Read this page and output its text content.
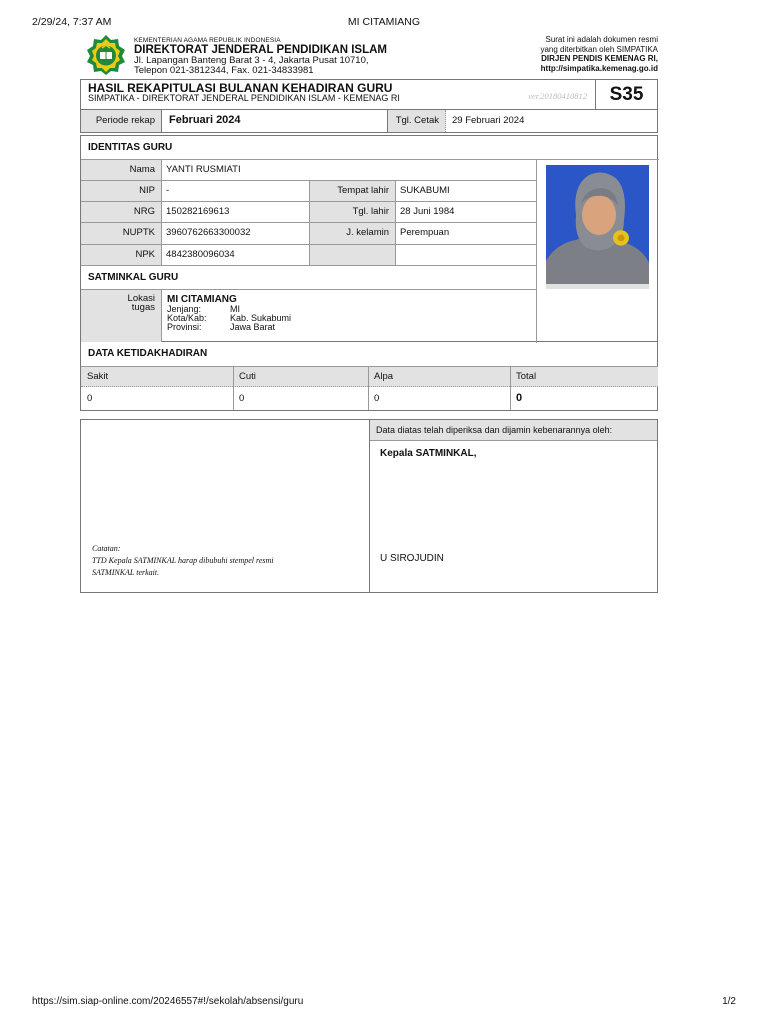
2/29/24, 7:37 AM	MI CITAMIANG
KEMENTERIAN AGAMA REPUBLIK INDONESIA
DIREKTORAT JENDERAL PENDIDIKAN ISLAM
Jl. Lapangan Banteng Barat 3 - 4, Jakarta Pusat 10710,
Telepon 021-3812344, Fax. 021-34833981
Surat ini adalah dokumen resmi
yang diterbitkan oleh SIMPATIKA
DIRJEN PENDIS KEMENAG RI,
http://simpatika.kemenag.go.id
HASIL REKAPITULASI BULANAN KEHADIRAN GURU
SIMPATIKA - DIREKTORAT JENDERAL PENDIDIKAN ISLAM - KEMENAG RI	ver.20180410812	S35
Periode rekap	Februari 2024	Tgl. Cetak	29 Februari 2024
IDENTITAS GURU
Nama	YANTI RUSMIATI
NIP	-	Tempat lahir	SUKABUMI
NRG	150282169613	Tgl. lahir	28 Juni 1984
NUPTK	3960762663300032	J. kelamin	Perempuan
NPK	4842380096034
SATMINKAL GURU
Lokasi
tugas
MI CITAMIANG
Jenjang:	MI
Kota/Kab:	Kab. Sukabumi
Provinsi:	Jawa Barat
DATA KETIDAKHADIRAN
Sakit	Cuti	Alpa	Total
0	0	0	0
Catatan:
TTD Kepala SATMINKAL harap dibubuhi stempel resmi
SATMINKAL terkait.
Data diatas telah diperiksa dan dijamin kebenarannya oleh:
Kepala SATMINKAL,
U SIROJUDIN
https://sim.siap-online.com/20246557#!/sekolah/absensi/guru	1/2
